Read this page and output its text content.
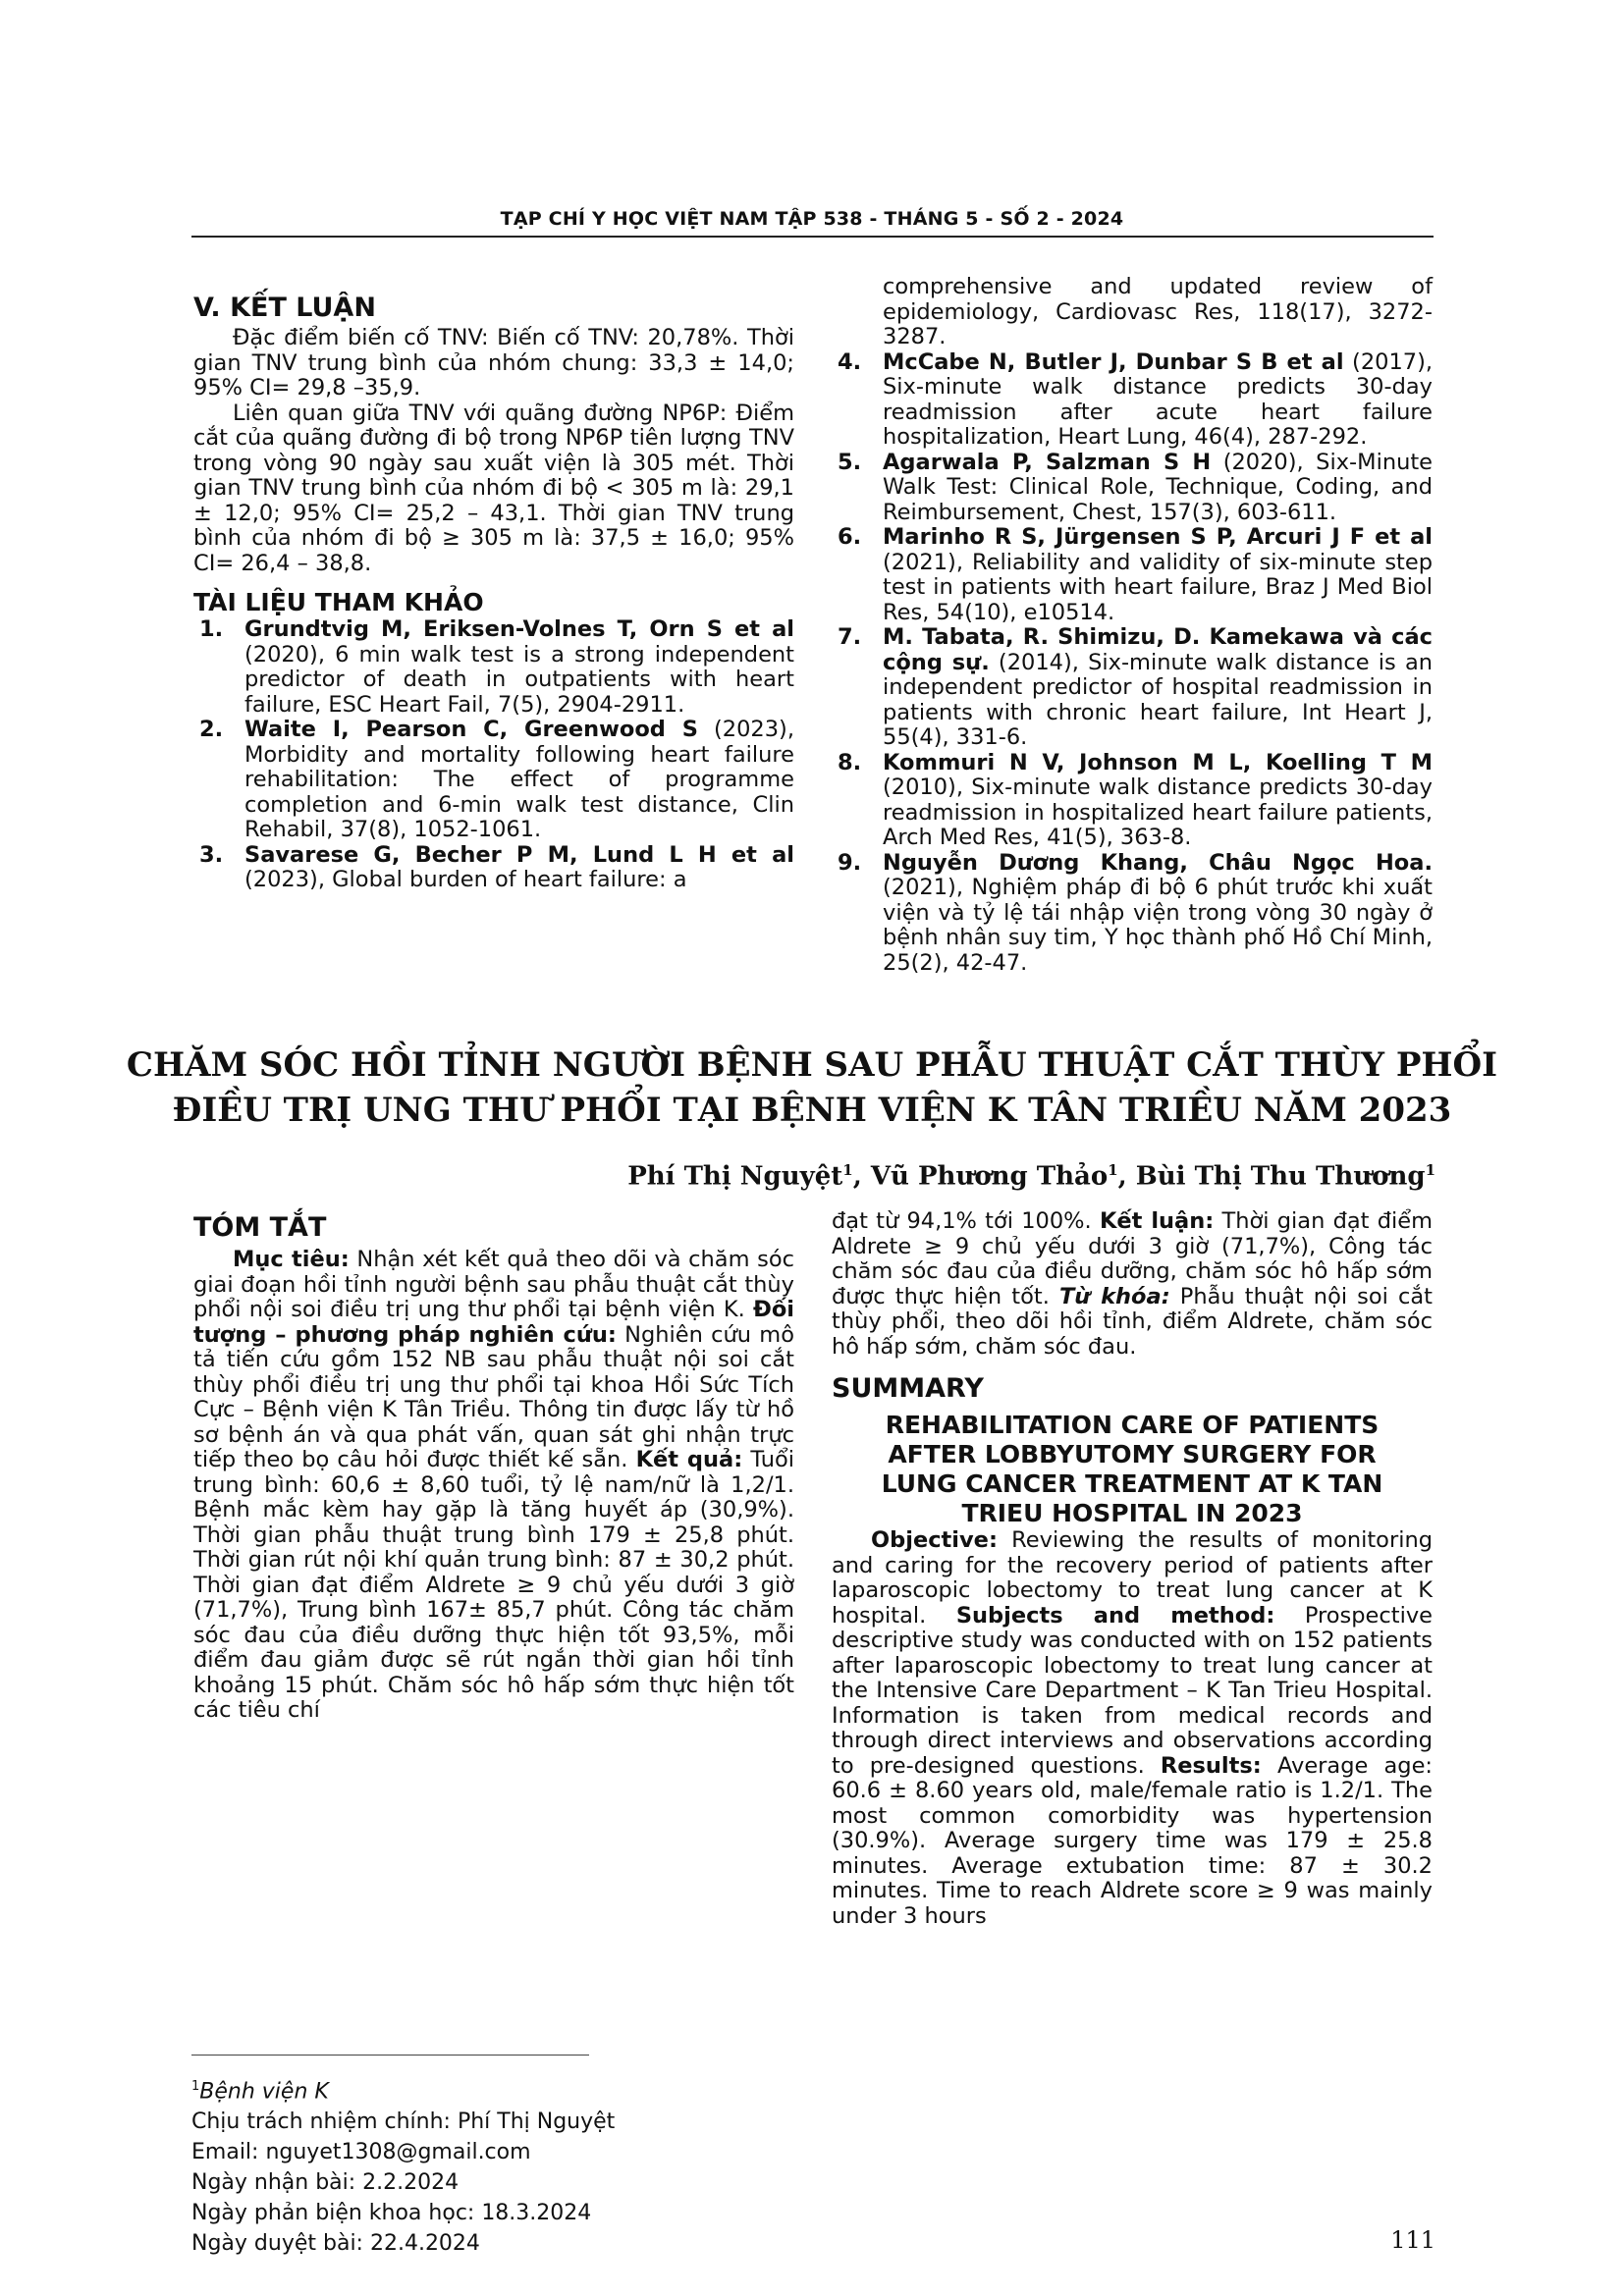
TẠP CHÍ Y HỌC VIỆT NAM TẬP 538 - THÁNG 5 - SỐ 2 - 2024
V. KẾT LUẬN

Đặc điểm biến cố TNV: Biến cố TNV: 20,78%. Thời gian TNV trung bình của nhóm chung: 33,3 ± 14,0; 95% CI= 29,8 –35,9.

Liên quan giữa TNV với quãng đường NP6P: Điểm cắt của quãng đường đi bộ trong NP6P tiên lượng TNV trong vòng 90 ngày sau xuất viện là 305 mét. Thời gian TNV trung bình của nhóm đi bộ < 305 m là: 29,1 ± 12,0; 95% CI= 25,2 – 43,1. Thời gian TNV trung bình của nhóm đi bộ ≥ 305 m là: 37,5 ± 16,0; 95% CI= 26,4 – 38,8.

TÀI LIỆU THAM KHẢO
1. Grundtvig M, Eriksen-Volnes T, Orn S et al (2020), 6 min walk test is a strong independent predictor of death in outpatients with heart failure, ESC Heart Fail, 7(5), 2904-2911.
2. Waite I, Pearson C, Greenwood S (2023), Morbidity and mortality following heart failure rehabilitation: The effect of programme completion and 6-min walk test distance, Clin Rehabil, 37(8), 1052-1061.
3. Savarese G, Becher P M, Lund L H et al (2023), Global burden of heart failure: a
comprehensive and updated review of epidemiology, Cardiovasc Res, 118(17), 3272-3287.
4. McCabe N, Butler J, Dunbar S B et al (2017), Six-minute walk distance predicts 30-day readmission after acute heart failure hospitalization, Heart Lung, 46(4), 287-292.
5. Agarwala P, Salzman S H (2020), Six-Minute Walk Test: Clinical Role, Technique, Coding, and Reimbursement, Chest, 157(3), 603-611.
6. Marinho R S, Jürgensen S P, Arcuri J F et al (2021), Reliability and validity of six-minute step test in patients with heart failure, Braz J Med Biol Res, 54(10), e10514.
7. M. Tabata, R. Shimizu, D. Kamekawa và các cộng sự. (2014), Six-minute walk distance is an independent predictor of hospital readmission in patients with chronic heart failure, Int Heart J, 55(4), 331-6.
8. Kommuri N V, Johnson M L, Koelling T M (2010), Six-minute walk distance predicts 30-day readmission in hospitalized heart failure patients, Arch Med Res, 41(5), 363-8.
9. Nguyễn Dương Khang, Châu Ngọc Hoa. (2021), Nghiệm pháp đi bộ 6 phút trước khi xuất viện và tỷ lệ tái nhập viện trong vòng 30 ngày ở bệnh nhân suy tim, Y học thành phố Hồ Chí Minh, 25(2), 42-47.
CHĂM SÓC HỒI TỈNH NGƯỜI BỆNH SAU PHẪU THUẬT CẮT THÙY PHỔI
ĐIỀU TRỊ UNG THƯ PHỔI TẠI BỆNH VIỆN K TÂN TRIỀU NĂM 2023
Phí Thị Nguyệt$^1$, Vũ Phương Thảo$^1$, Bùi Thị Thu Thương$^1$
TÓM TẮT

Mục tiêu: Nhận xét kết quả theo dõi và chăm sóc giai đoạn hồi tỉnh người bệnh sau phẫu thuật cắt thùy phổi nội soi điều trị ung thư phổi tại bệnh viện K. Đối tượng – phương pháp nghiên cứu: Nghiên cứu mô tả tiến cứu gồm 152 NB sau phẫu thuật nội soi cắt thùy phổi điều trị ung thư phổi tại khoa Hồi Sức Tích Cực – Bệnh viện K Tân Triều. Thông tin được lấy từ hồ sơ bệnh án và qua phát vấn, quan sát ghi nhận trực tiếp theo bọ câu hỏi được thiết kế sẵn. Kết quả: Tuổi trung bình: 60,6 ± 8,60 tuổi, tỷ lệ nam/nữ là 1,2/1. Bệnh mắc kèm hay gặp là tăng huyết áp (30,9%). Thời gian phẫu thuật trung bình 179 ± 25,8 phút. Thời gian rút nội khí quản trung bình: 87 ± 30,2 phút. Thời gian đạt điểm Aldrete ≥ 9 chủ yếu dưới 3 giờ (71,7%), Trung bình 167± 85,7 phút. Công tác chăm sóc đau của điều dưỡng thực hiện tốt 93,5%, mỗi điểm đau giảm được sẽ rút ngắn thời gian hồi tỉnh khoảng 15 phút. Chăm sóc hô hấp sớm thực hiện tốt các tiêu chí

đạt từ 94,1% tới 100%. Kết luận: Thời gian đạt điểm Aldrete ≥ 9 chủ yếu dưới 3 giờ (71,7%), Công tác chăm sóc đau của điều dưỡng, chăm sóc hô hấp sớm được thực hiện tốt. Từ khóa: Phẫu thuật nội soi cắt thùy phổi, theo dõi hồi tỉnh, điểm Aldrete, chăm sóc hô hấp sớm, chăm sóc đau.

SUMMARY
REHABILITATION CARE OF PATIENTS AFTER LOBBYUTOMY SURGERY FOR LUNG CANCER TREATMENT AT K TAN TRIEU HOSPITAL IN 2023

Objective: Reviewing the results of monitoring and caring for the recovery period of patients after laparoscopic lobectomy to treat lung cancer at K hospital. Subjects and method: Prospective descriptive study was conducted with on 152 patients after laparoscopic lobectomy to treat lung cancer at the Intensive Care Department – K Tan Trieu Hospital. Information is taken from medical records and through direct interviews and observations according to pre-designed questions. Results: Average age: 60.6 ± 8.60 years old, male/female ratio is 1.2/1. The most common comorbidity was hypertension (30.9%). Average surgery time was 179 ± 25.8 minutes. Average extubation time: 87 ± 30.2 minutes. Time to reach Aldrete score ≥ 9 was mainly under 3 hours

$^1$Bệnh viện K
Chịu trách nhiệm chính: Phí Thị Nguyệt
Email: nguyet1308@gmail.com
Ngày nhận bài: 2.2.2024
Ngày phản biện khoa học: 18.3.2024
Ngày duyệt bài: 22.4.2024	111
